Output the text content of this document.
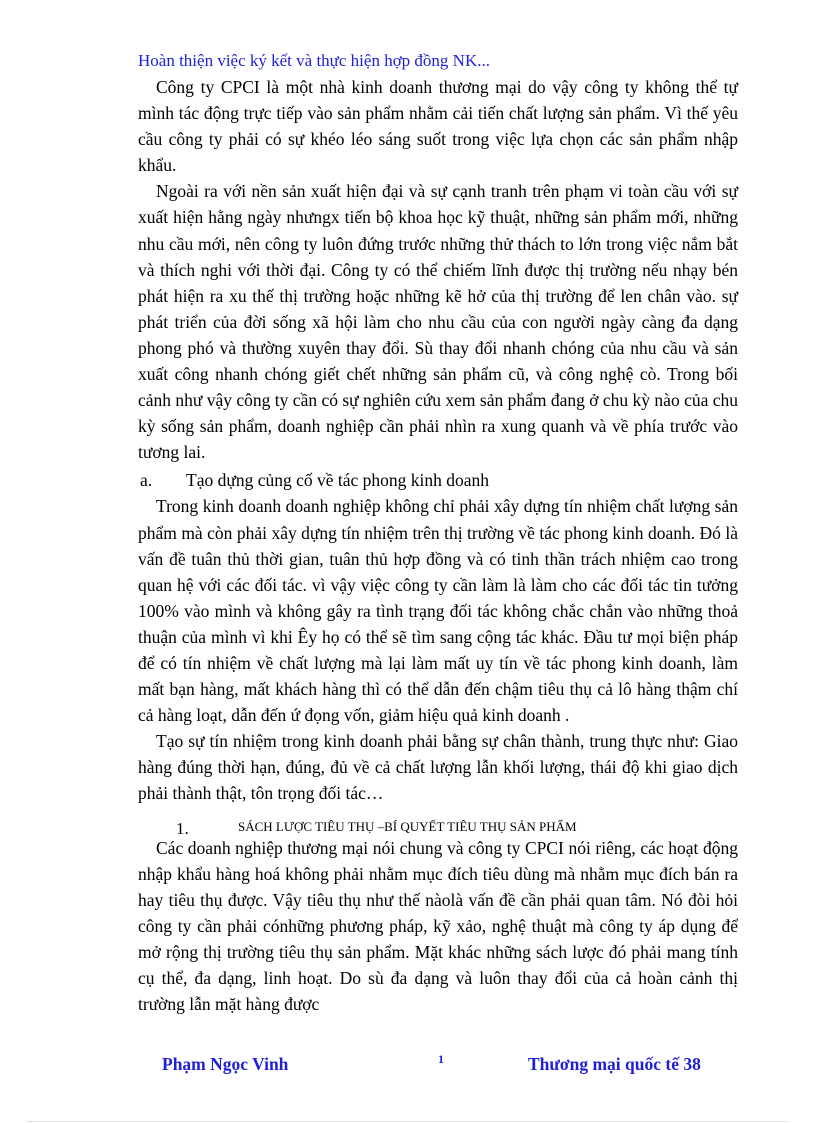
Hoàn thiện việc ký kết và thực hiện hợp đồng NK...

Công ty CPCI là một nhà kinh doanh thương mại do vậy công ty không thể tự mình tác động trực tiếp vào sản phẩm nhằm cải tiến chất lượng sản phẩm. Vì thế yêu cầu công ty phải có sự khéo léo sáng suốt trong việc lựa chọn các sản phẩm nhập khẩu.

Ngoài ra với nền sản xuất hiện đại và sự cạnh tranh trên phạm vi toàn cầu với sự xuất hiện hằng ngày nhưngx tiến bộ khoa học kỹ thuật, những sản phẩm mới, những nhu cầu mới, nên công ty luôn đứng trước những thử thách to lớn trong việc nắm bắt và thích nghi với thời đại. Công ty có thể chiếm lĩnh được thị trường nếu nhạy bén phát hiện ra xu thế thị trường hoặc những kẽ hở của thị trường để len chân vào. sự phát triển của đời sống xã hội làm cho nhu cầu của con người ngày càng đa dạng phong phó và thường xuyên thay đổi. Sù thay đổi nhanh chóng của nhu cầu và sản xuất công nhanh chóng giết chết những sản phẩm cũ, và công nghệ cò. Trong bối cảnh như vậy công ty cần có sự nghiên cứu xem sản phẩm đang ở chu kỳ nào của chu kỳ sống sản phẩm, doanh nghiệp cần phải nhìn ra xung quanh và về phía trước vào tương lai.

a.	Tạo dựng củng cố về tác phong kinh doanh

Trong kinh doanh doanh nghiệp không chỉ phải xây dựng tín nhiệm chất lượng sản phẩm mà còn phải xây dựng tín nhiệm trên thị trường về tác phong kinh doanh. Đó là vấn đề tuân thủ thời gian, tuân thủ hợp đồng và có tinh thần trách nhiệm cao trong quan hệ với các đối tác. vì vậy việc công ty cần làm là làm cho các đối tác tin tưởng 100% vào mình và không gây ra tình trạng đối tác không chắc chắn vào những thoả thuận của mình vì khi Êy họ có thể sẽ tìm sang cộng tác khác. Đầu tư mọi biện pháp để có tín nhiệm về chất lượng mà lại làm mất uy tín về tác phong kinh doanh, làm mất bạn hàng, mất khách hàng thì có thể dẫn đến chậm tiêu thụ cả lô hàng thậm chí cả hàng loạt, dẫn đến ứ đọng vốn, giảm hiệu quả kinh doanh .

Tạo sự tín nhiệm trong kinh doanh phải bằng sự chân thành, trung thực như: Giao hàng đúng thời hạn, đúng, đủ về cả chất lượng lẫn khối lượng, thái độ khi giao dịch phải thành thật, tôn trọng đối tác…

1.	SÁCH LƯỢC TIÊU THỤ –BÍ QUYẾT TIÊU THỤ SẢN PHẨM

Các doanh nghiệp thương mại nói chung và công ty CPCI nói riêng, các hoạt động nhập khẩu hàng hoá không phải nhằm mục đích tiêu dùng mà nhằm mục đích bán ra hay tiêu thụ được. Vậy tiêu thụ như thế nàolà vấn đề cần phải quan tâm. Nó đòi hỏi công ty cần phải cónhững phương pháp, kỹ xảo, nghệ thuật mà công ty áp dụng để mở rộng thị trường tiêu thụ sản phẩm. Mặt khác những sách lược đó phải mang tính cụ thể, đa dạng, linh hoạt. Do sù đa dạng và luôn thay đổi của cả hoàn cảnh thị trường lẫn mặt hàng được

Phạm Ngọc Vinh	1	Thương mại quốc tế 38
